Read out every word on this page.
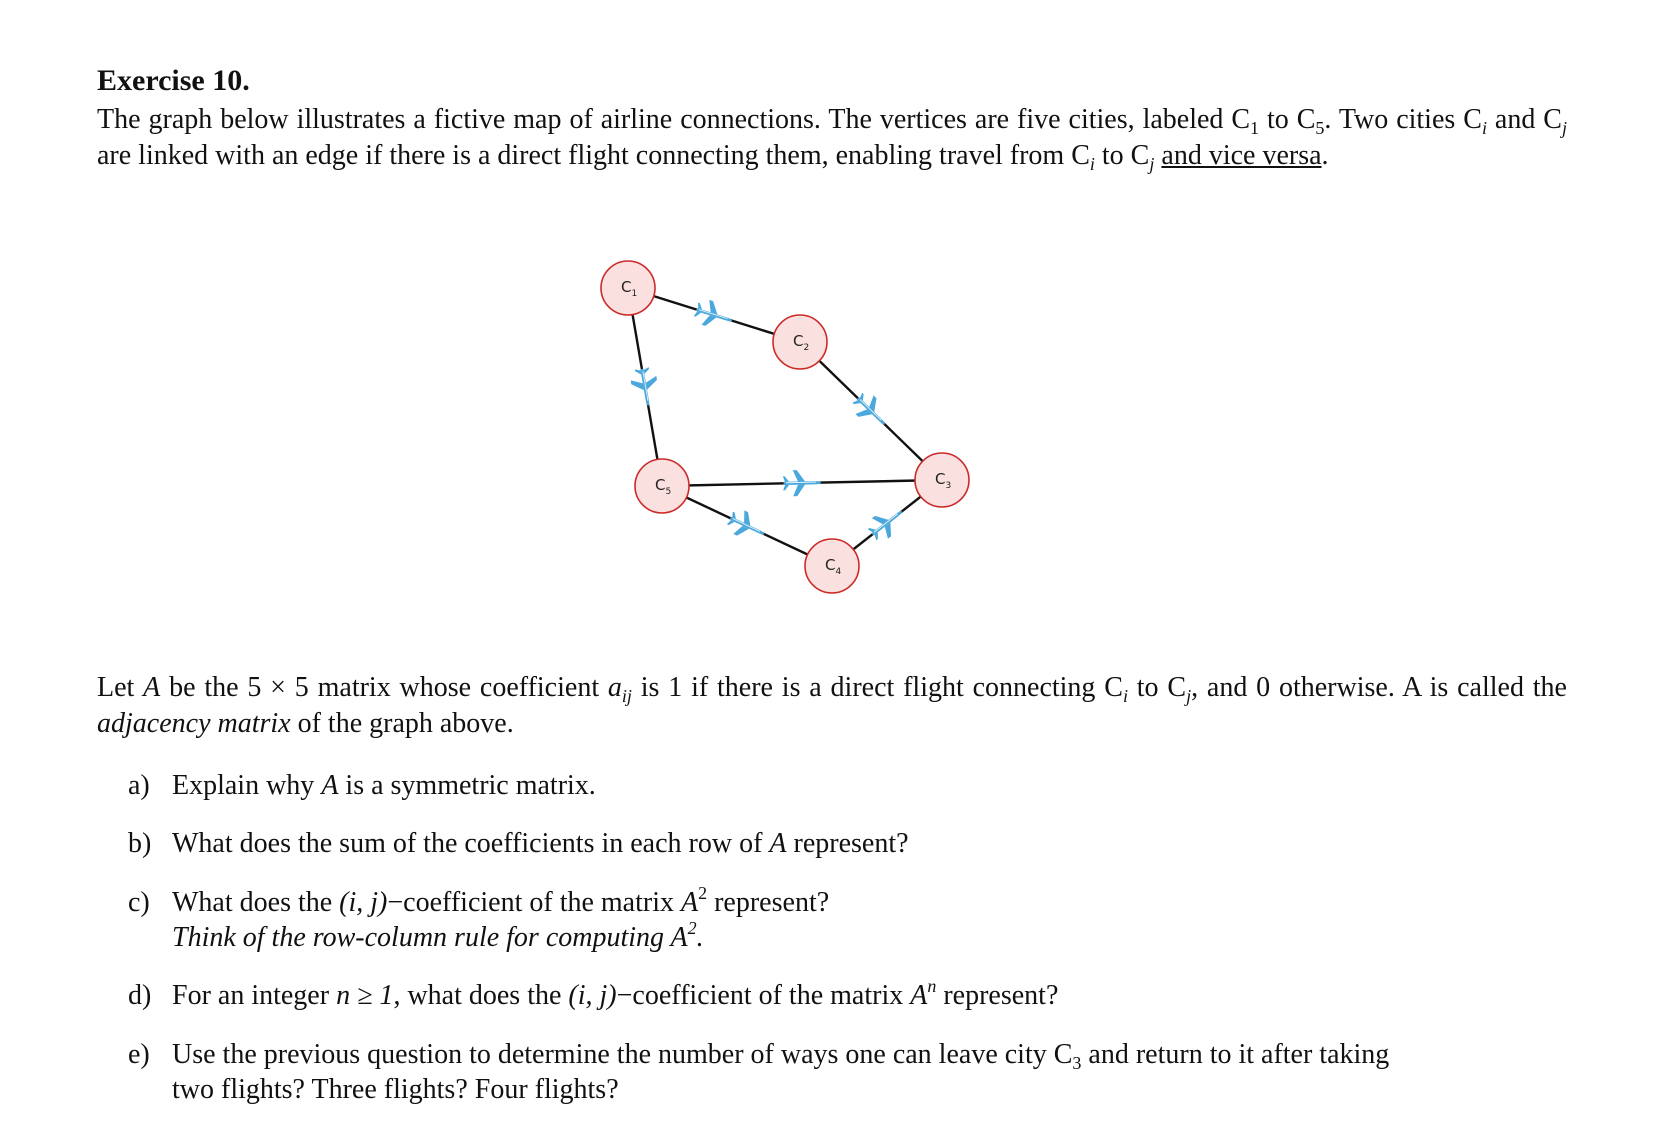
Exercise 10.
The graph below illustrates a fictive map of airline connections. The vertices are five cities, labeled $C_1$ to $C_5$. Two cities $C_i$ and $C_j$ are linked with an edge if there is a direct flight connecting them, enabling travel from $C_i$ to $C_j$ and vice versa.
$C_1$
$C_2$
$C_3$
$C_4$
$C_5$
Let A be the 5 × 5 matrix whose coefficient $a_{ij}$ is 1 if there is a direct flight connecting $C_i$ to $C_j$, and 0 otherwise. A is called the adjacency matrix of the graph above.
a) Explain why A is a symmetric matrix.
b) What does the sum of the coefficients in each row of A represent?
c) What does the (i, j)−coefficient of the matrix $A^2$ represent?
Think of the row-column rule for computing $A^2$.
d) For an integer n ≥ 1, what does the (i, j)−coefficient of the matrix $A^n$ represent?
e) Use the previous question to determine the number of ways one can leave city $C_3$ and return to it after taking
two flights? Three flights? Four flights?
